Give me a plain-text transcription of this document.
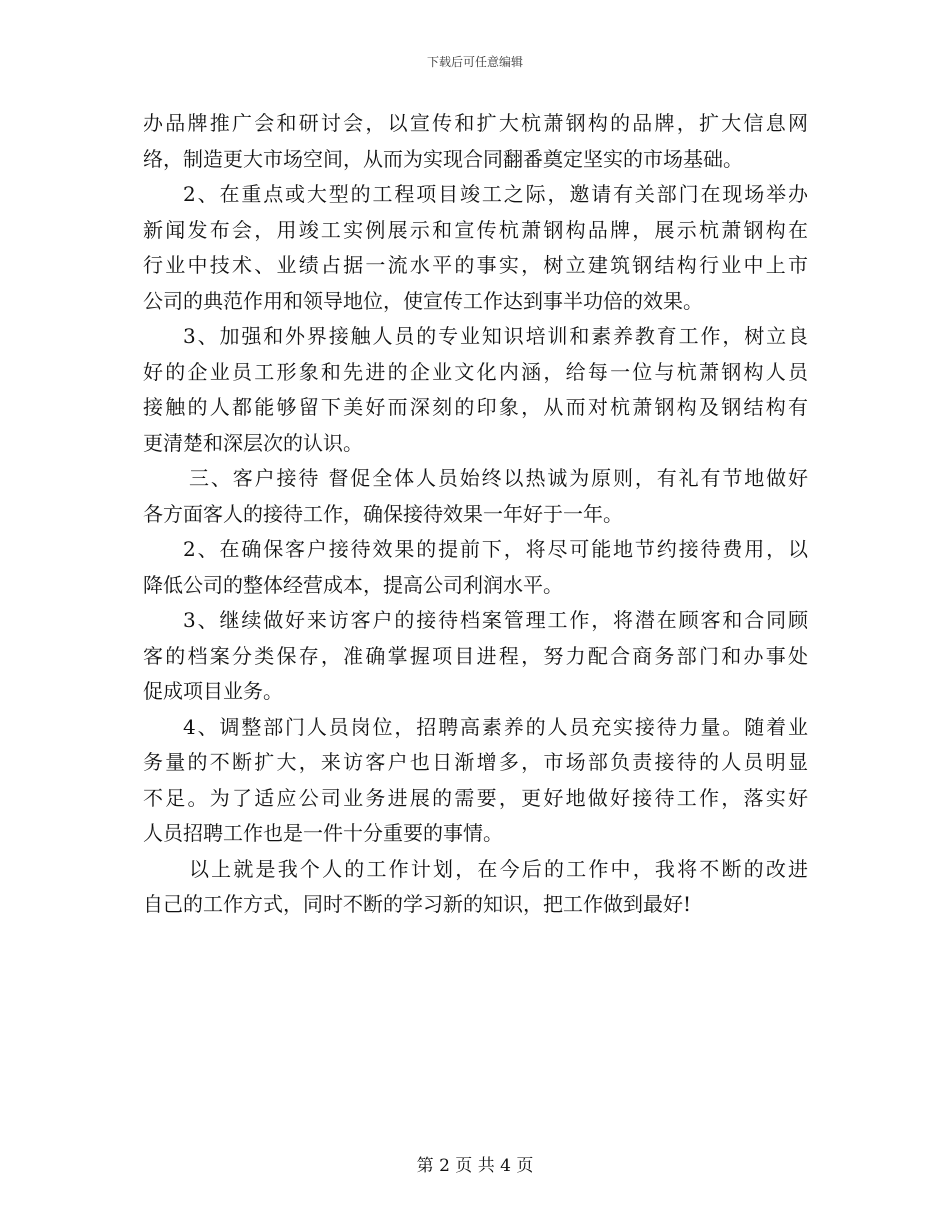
下载后可任意编辑
办品牌推广会和研讨会，以宣传和扩大杭萧钢构的品牌，扩大信息网
络，制造更大市场空间，从而为实现合同翻番奠定坚实的市场基础。
2、在重点或大型的工程项目竣工之际，邀请有关部门在现场举办
新闻发布会，用竣工实例展示和宣传杭萧钢构品牌，展示杭萧钢构在
行业中技术、业绩占据一流水平的事实，树立建筑钢结构行业中上市
公司的典范作用和领导地位，使宣传工作达到事半功倍的效果。
3、加强和外界接触人员的专业知识培训和素养教育工作，树立良
好的企业员工形象和先进的企业文化内涵，给每一位与杭萧钢构人员
接触的人都能够留下美好而深刻的印象，从而对杭萧钢构及钢结构有
更清楚和深层次的认识。
三、客户接待 督促全体人员始终以热诚为原则，有礼有节地做好
各方面客人的接待工作，确保接待效果一年好于一年。
2、在确保客户接待效果的提前下，将尽可能地节约接待费用，以
降低公司的整体经营成本，提高公司利润水平。
3、继续做好来访客户的接待档案管理工作，将潜在顾客和合同顾
客的档案分类保存，准确掌握项目进程，努力配合商务部门和办事处
促成项目业务。
4、调整部门人员岗位，招聘高素养的人员充实接待力量。随着业
务量的不断扩大，来访客户也日渐增多，市场部负责接待的人员明显
不足。为了适应公司业务进展的需要，更好地做好接待工作，落实好
人员招聘工作也是一件十分重要的事情。
以上就是我个人的工作计划，在今后的工作中，我将不断的改进
自己的工作方式，同时不断的学习新的知识，把工作做到最好!
第 2 页 共 4 页
